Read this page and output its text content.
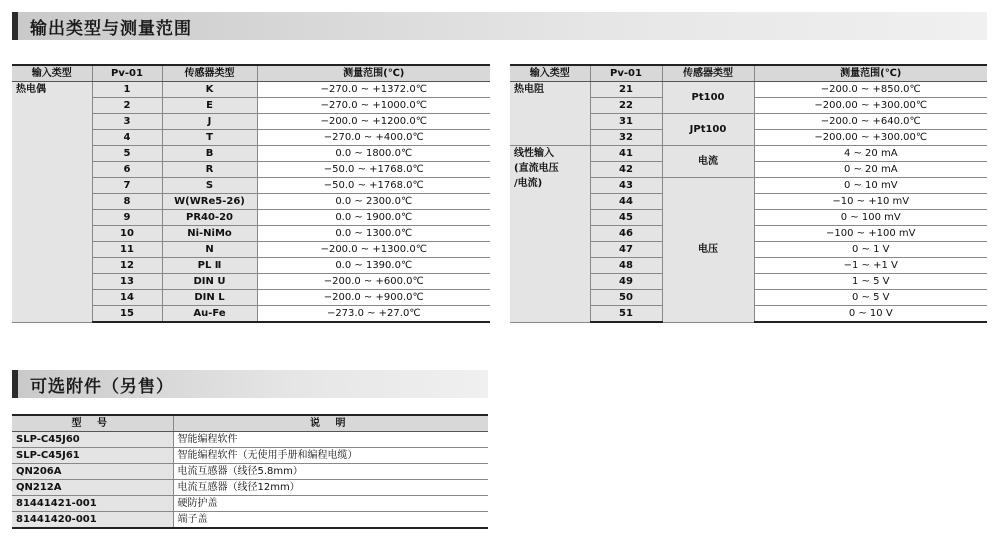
输出类型与测量范围
输入类型	Pv-01	传感器类型	测量范围(℃)
热电偶	1	K	−270.0 ~ +1372.0℃
	2	E	−270.0 ~ +1000.0℃
	3	J	−200.0 ~ +1200.0℃
	4	T	−270.0 ~ +400.0℃
	5	B	0.0 ~ 1800.0℃
	6	R	−50.0 ~ +1768.0℃
	7	S	−50.0 ~ +1768.0℃
	8	W(WRe5-26)	0.0 ~ 2300.0℃
	9	PR40-20	0.0 ~ 1900.0℃
	10	Ni-NiMo	0.0 ~ 1300.0℃
	11	N	−200.0 ~ +1300.0℃
	12	PL Ⅱ	0.0 ~ 1390.0℃
	13	DIN U	−200.0 ~ +600.0℃
	14	DIN L	−200.0 ~ +900.0℃
	15	Au-Fe	−273.0 ~ +27.0℃
输入类型	Pv-01	传感器类型	测量范围(℃)
热电阻	21	Pt100	−200.0 ~ +850.0℃
	22		−200.00 ~ +300.00℃
	31	JPt100	−200.0 ~ +640.0℃
	32		−200.00 ~ +300.00℃

线性输入
(直流电压
/电流)	41	电流	4 ~ 20 mA
	42		0 ~ 20 mA
	43	电压	0 ~ 10 mV
	44		−10 ~ +10 mV
	45		0 ~ 100 mV
	46		−100 ~ +100 mV
	47		0 ~ 1 V
	48		−1 ~ +1 V
	49		1 ~ 5 V
	50		0 ~ 5 V
	51		0 ~ 10 V
可选附件（另售）
型 号	说 明
SLP-C45J60	智能编程软件
SLP-C45J61	智能编程软件（无使用手册和编程电缆）
QN206A	电流互感器（线径5.8mm）
QN212A	电流互感器（线径12mm）
81441421-001	硬防护盖
81441420-001	端子盖
